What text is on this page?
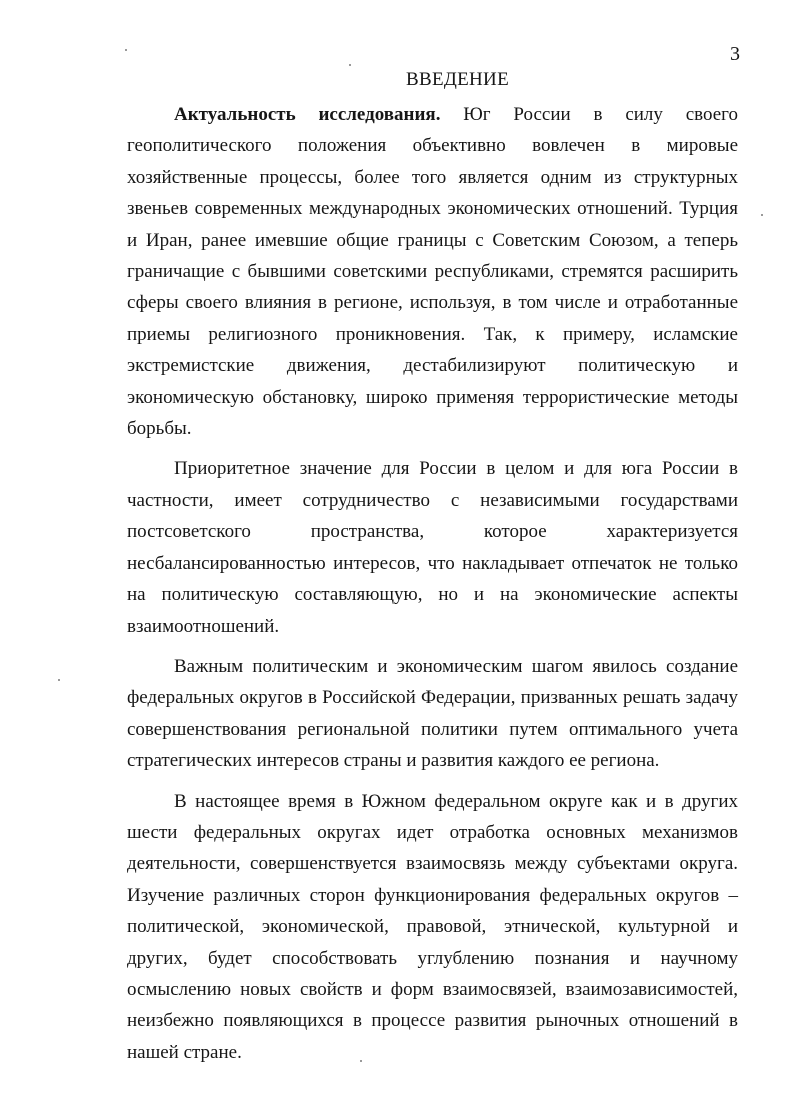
3
ВВЕДЕНИЕ

Актуальность исследования. Юг России в силу своего геополитического положения объективно вовлечен в мировые хозяйственные процессы, более того является одним из структурных звеньев современных международных экономических отношений. Турция и Иран, ранее имевшие общие границы с Советским Союзом, а теперь граничащие с бывшими советскими республиками, стремятся расширить сферы своего влияния в регионе, используя, в том числе и отработанные приемы религиозного проникновения. Так, к примеру, исламские экстремистские движения, дестабилизируют политическую и экономическую обстановку, широко применяя террористические методы борьбы.

Приоритетное значение для России в целом и для юга России в частности, имеет сотрудничество с независимыми государствами постсоветского пространства, которое характеризуется несбалансированностью интересов, что накладывает отпечаток не только на политическую составляющую, но и на экономические аспекты взаимоотношений.

Важным политическим и экономическим шагом явилось создание федеральных округов в Российской Федерации, призванных решать задачу совершенствования региональной политики путем оптимального учета стратегических интересов страны и развития каждого ее региона.

В настоящее время в Южном федеральном округе как и в других шести федеральных округах идет отработка основных механизмов деятельности, совершенствуется взаимосвязь между субъектами округа. Изучение различных сторон функционирования федеральных округов – политической, экономической, правовой, этнической, культурной и других, будет способствовать углублению познания и научному осмыслению новых свойств и форм взаимосвязей, взаимозависимостей, неизбежно появляющихся в процессе развития рыночных отношений в нашей стране.
